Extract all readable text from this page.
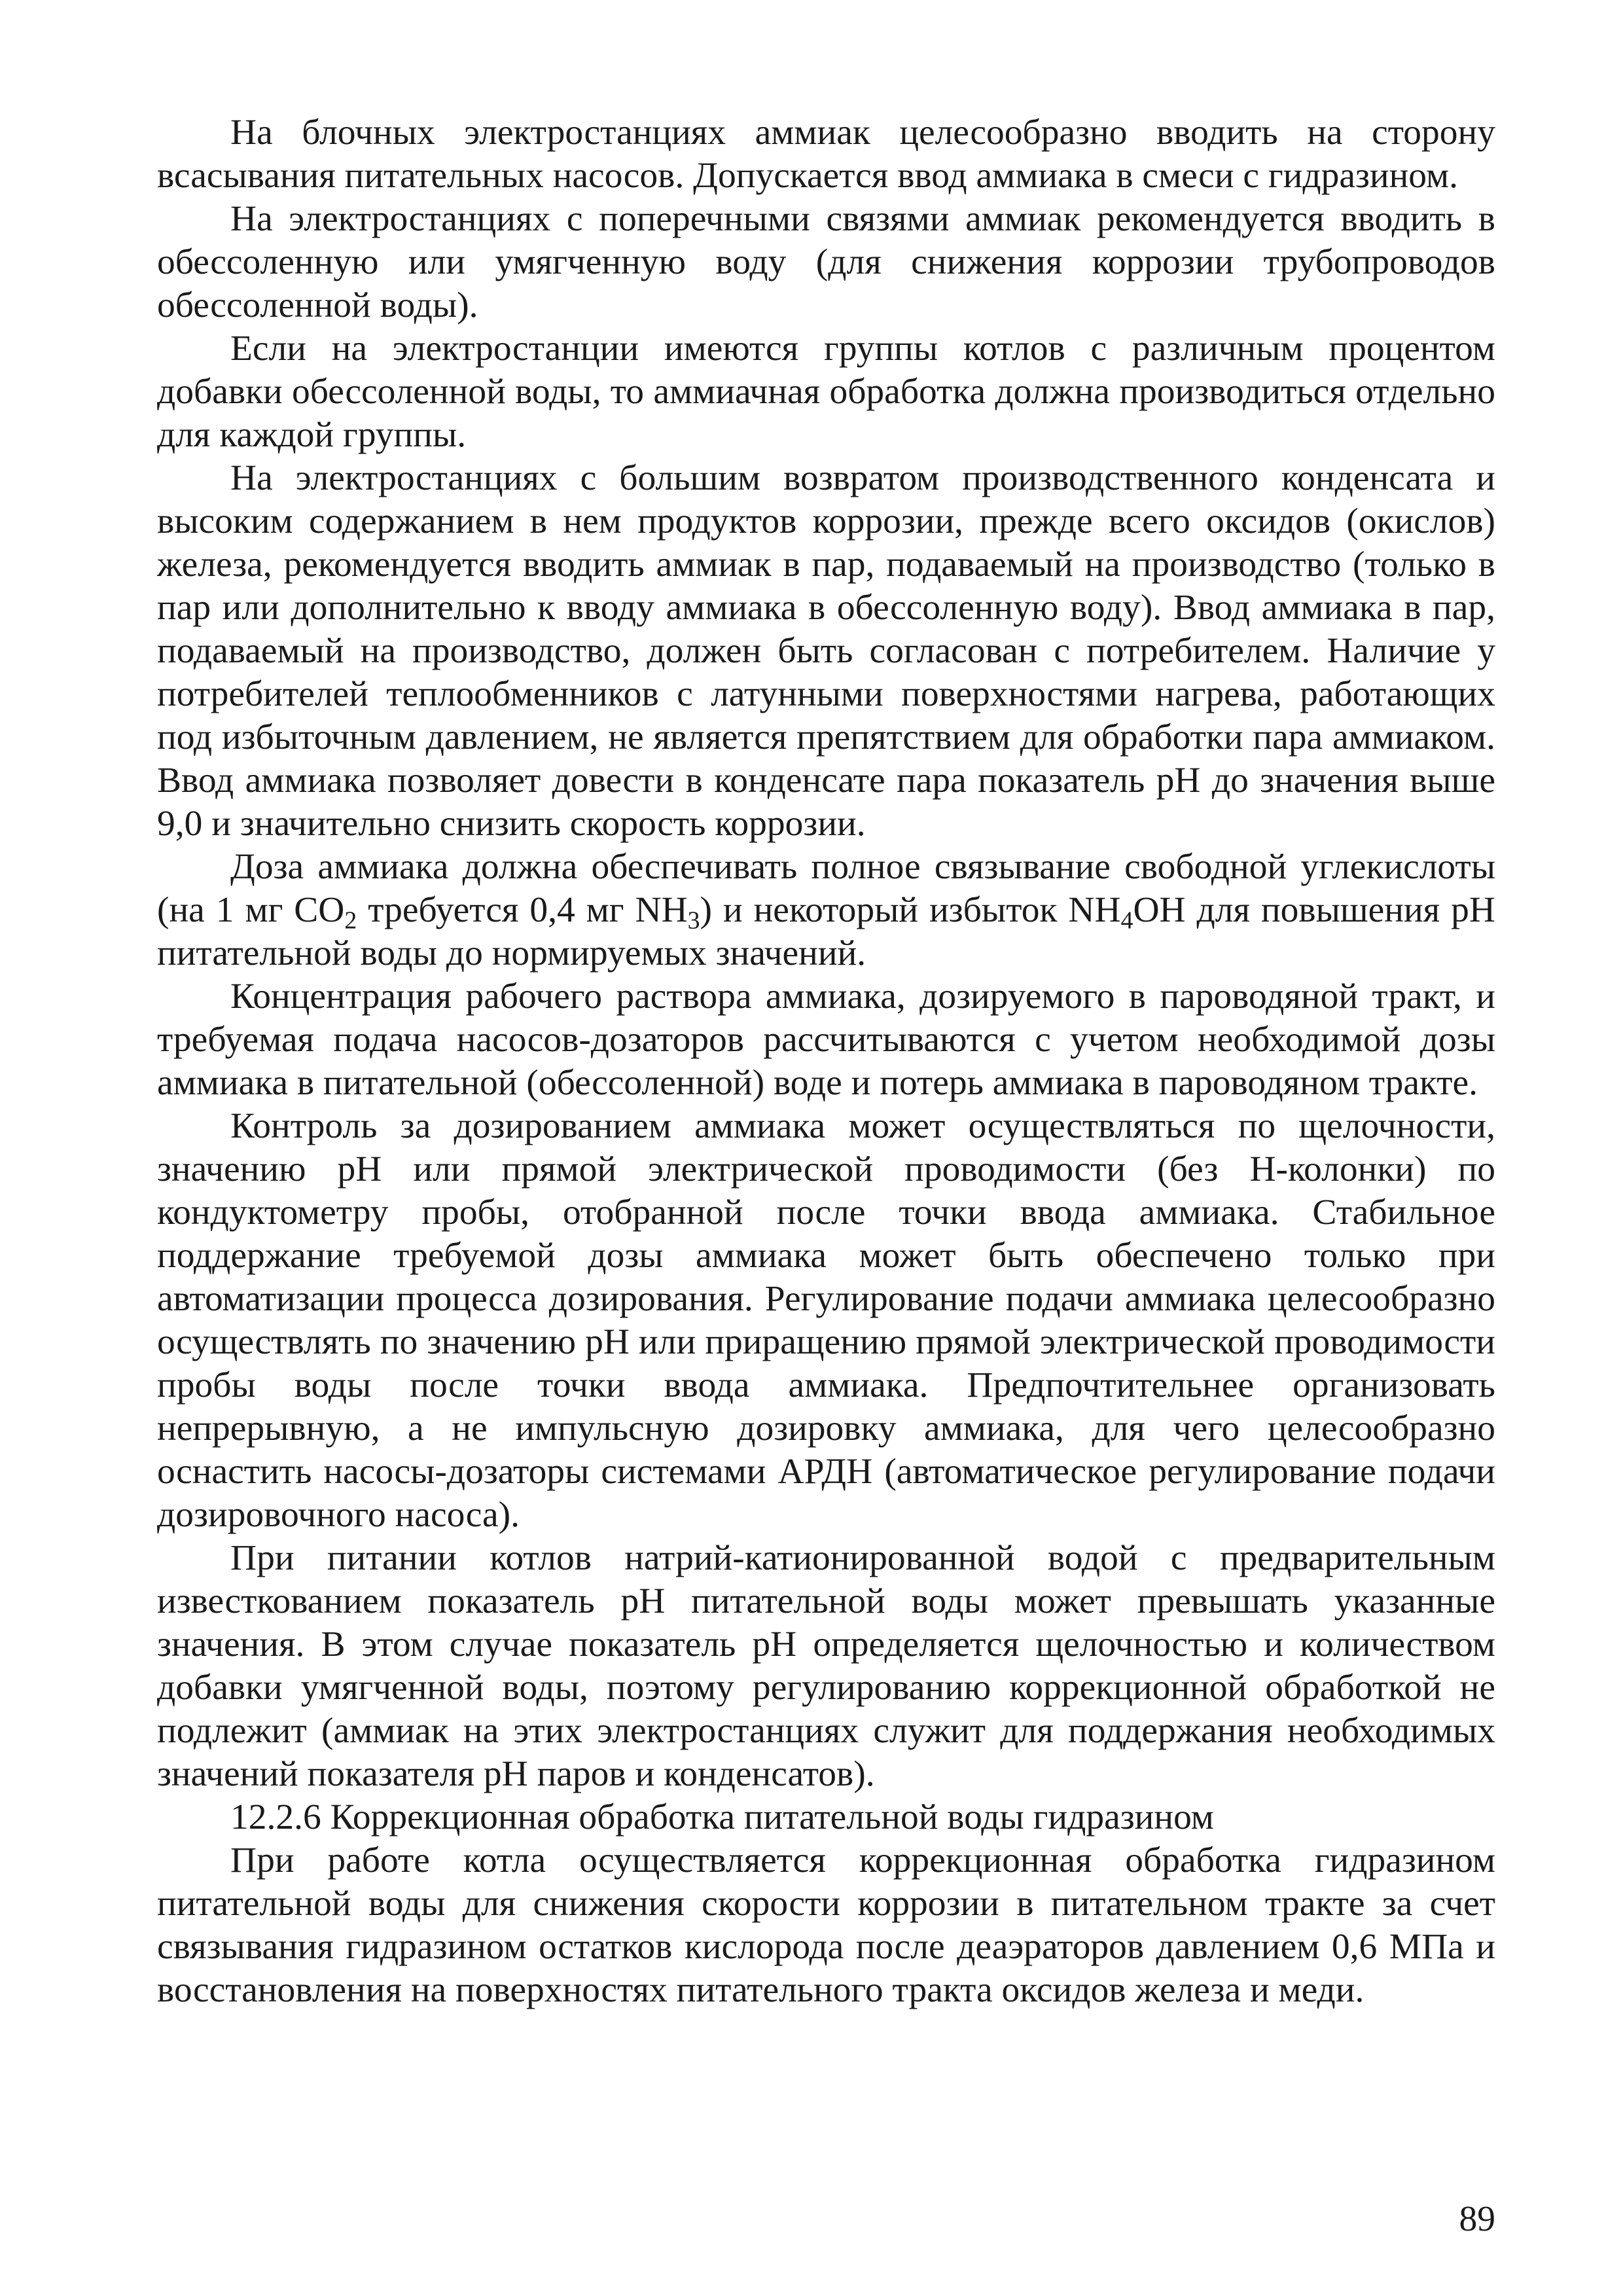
На блочных электростанциях аммиак целесообразно вводить на сторону всасывания питательных насосов. Допускается ввод аммиака в смеси с гидразином.

На электростанциях с поперечными связями аммиак рекомендуется вводить в обессоленную или умягченную воду (для снижения коррозии трубопроводов обессоленной воды).

Если на электростанции имеются группы котлов с различным процентом добавки обессоленной воды, то аммиачная обработка должна производиться отдельно для каждой группы.

На электростанциях с большим возвратом производственного конденсата и высоким содержанием в нем продуктов коррозии, прежде всего оксидов (окислов) железа, рекомендуется вводить аммиак в пар, подаваемый на производство (только в пар или дополнительно к вводу аммиака в обессоленную воду). Ввод аммиака в пар, подаваемый на производство, должен быть согласован с потребителем. Наличие у потребителей теплообменников с латунными поверхностями нагрева, работающих под избыточным давлением, не является препятствием для обработки пара аммиаком. Ввод аммиака позволяет довести в конденсате пара показатель pH до значения выше 9,0 и значительно снизить скорость коррозии.

Доза аммиака должна обеспечивать полное связывание свободной углекислоты (на 1 мг $CO_2$ требуется 0,4 мг $NH_3$) и некоторый избыток $NH_4OH$ для повышения pH питательной воды до нормируемых значений.

Концентрация рабочего раствора аммиака, дозируемого в пароводяной тракт, и требуемая подача насосов-дозаторов рассчитываются с учетом необходимой дозы аммиака в питательной (обессоленной) воде и потерь аммиака в пароводяном тракте.

Контроль за дозированием аммиака может осуществляться по щелочности, значению pH или прямой электрической проводимости (без Н-колонки) по кондуктометру пробы, отобранной после точки ввода аммиака. Стабильное поддержание требуемой дозы аммиака может быть обеспечено только при автоматизации процесса дозирования. Регулирование подачи аммиака целесообразно осуществлять по значению pH или приращению прямой электрической проводимости пробы воды после точки ввода аммиака. Предпочтительнее организовать непрерывную, а не импульсную дозировку аммиака, для чего целесообразно оснастить насосы-дозаторы системами АРДН (автоматическое регулирование подачи дозировочного насоса).

При питании котлов натрий-катионированной водой с предварительным известкованием показатель pH питательной воды может превышать указанные значения. В этом случае показатель pH определяется щелочностью и количеством добавки умягченной воды, поэтому регулированию коррекционной обработкой не подлежит (аммиак на этих электростанциях служит для поддержания необходимых значений показателя pH паров и конденсатов).

12.2.6 Коррекционная обработка питательной воды гидразином

При работе котла осуществляется коррекционная обработка гидразином питательной воды для снижения скорости коррозии в питательном тракте за счет связывания гидразином остатков кислорода после деаэраторов давлением 0,6 МПа и восстановления на поверхностях питательного тракта оксидов железа и меди.

89
